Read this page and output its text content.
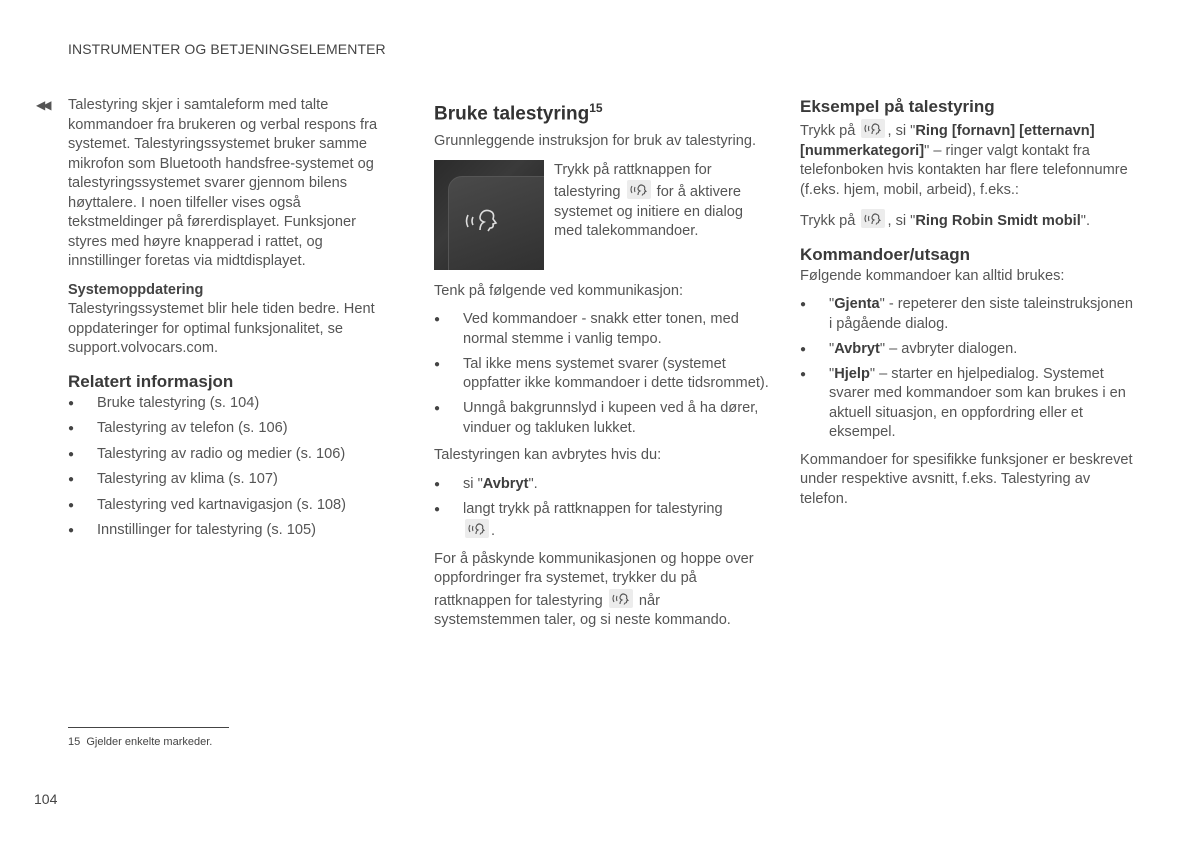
INSTRUMENTER OG BETJENINGSELEMENTER
◀◀ Talestyring skjer i samtaleform med talte kommandoer fra brukeren og verbal respons fra systemet. Talestyringssystemet bruker samme mikrofon som Bluetooth handsfree-systemet og talestyringssystemet svarer gjennom bilens høyttalere. I noen tilfeller vises også tekstmeldinger på førerdisplayet. Funksjoner styres med høyre knapperad i rattet, og innstillinger foretas via midtdisplayet.

Systemoppdatering

Talestyringssystemet blir hele tiden bedre. Hent oppdateringer for optimal funksjonalitet, se support.volvocars.com.

Relatert informasjon
● Bruke talestyring (s. 104)
● Talestyring av telefon (s. 106)
● Talestyring av radio og medier (s. 106)
● Talestyring av klima (s. 107)
● Talestyring ved kartnavigasjon (s. 108)
● Innstillinger for talestyring (s. 105)
Bruke talestyring$^{15}$

Grunnleggende instruksjon for bruk av talestyring.

Trykk på rattknappen for talestyring for å aktivere systemet og initiere en dialog med talekommandoer.

Tenk på følgende ved kommunikasjon:

● Ved kommandoer - snakk etter tonen, med normal stemme i vanlig tempo.
● Tal ikke mens systemet svarer (systemet oppfatter ikke kommandoer i dette tidsrommet).
● Unngå bakgrunnslyd i kupeen ved å ha dører, vinduer og takluken lukket.

Talestyringen kan avbrytes hvis du:

● si "Avbryt".
● langt trykk på rattknappen for talestyring

.

For å påskynde kommunikasjonen og hoppe over oppfordringer fra systemet, trykker du på rattknappen for talestyring når systemstemmen taler, og si neste kommando.

Eksempel på talestyring

Trykk på , si "Ring [fornavn] [etternavn] [nummerkategori]" – ringer valgt kontakt fra telefonboken hvis kontakten har flere telefonnumre (f.eks. hjem, mobil, arbeid), f.eks.:

Trykk på , si "Ring Robin Smidt mobil".

Kommandoer/utsagn

Følgende kommandoer kan alltid brukes:

● "Gjenta" - repeterer den siste taleinstruksjonen i pågående dialog.
● "Avbryt" – avbryter dialogen.
● "Hjelp" – starter en hjelpedialog. Systemet svarer med kommandoer som kan brukes i en aktuell situasjon, en oppfordring eller et eksempel.

Kommandoer for spesifikke funksjoner er beskrevet under respektive avsnitt, f.eks. Talestyring av telefon.

15 Gjelder enkelte markeder.
104
